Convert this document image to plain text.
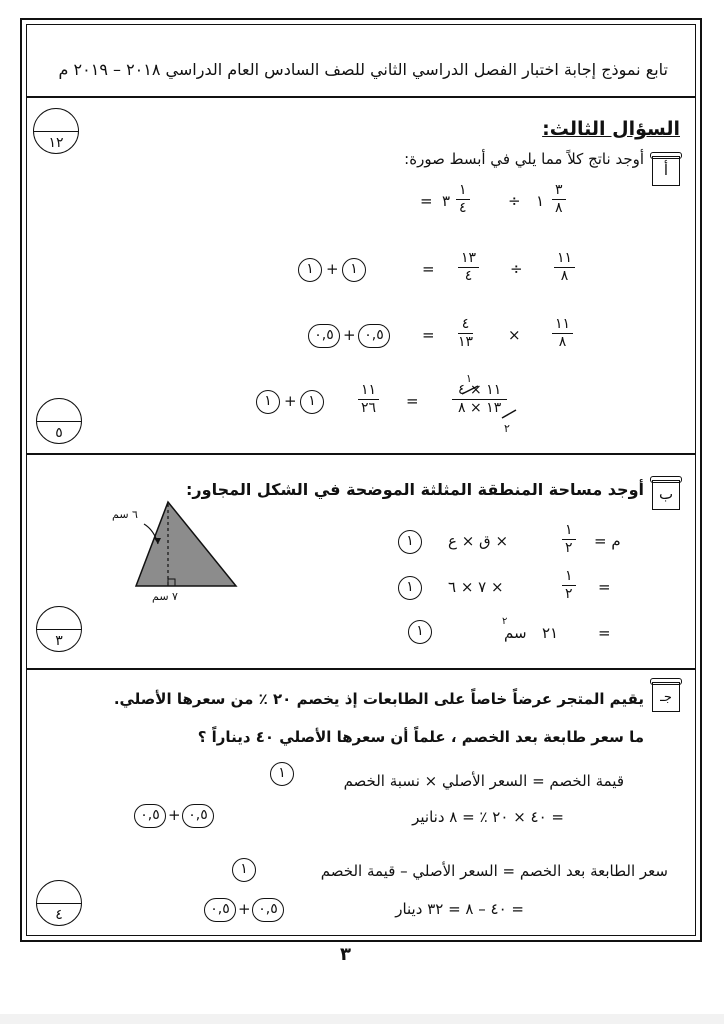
تابع نموذج إجابة اختبار الفصل الدراسي الثاني للصف السادس العام الدراسي ٢٠١٨ – ٢٠١٩ م
السؤال الثالث:
١٢
أ
أوجد ناتج كلاً مما يلي في أبسط صورة:
= ٣
١
٤	÷ ١
٣
٨
١ + ١	=
١٣
٤	÷
١١
٨
٠,٥ + ٠,٥	=
٤
١٣ ×
١١
٨
١ + ١
١١
٢٦ =
١١ × ٤
١٣ × ٨
١
٢
٥
ب
أوجد مساحة المنطقة المثلثة الموضحة في الشكل المجاور:
٦ سم
٧ سم
١	× ق × ع
١
٢ م =
١	× ٧ × ٦
١
٢ =
١	سم
٢
٢١	=
٣
جـ
يقيم المتجر عرضاً خاصاً على الطابعات إذ يخصم ٢٠ ٪ من سعرها الأصلي.
ما سعر طابعة بعد الخصم ، علماً أن سعرها الأصلي ٤٠ ديناراً ؟
١	قيمة الخصم = السعر الأصلي × نسبة الخصم
٠,٥ + ٠,٥	= ٤٠ × ٢٠ ٪ = ٨ دنانير
١	سعر الطابعة بعد الخصم = السعر الأصلي – قيمة الخصم
٠,٥ + ٠,٥	= ٤٠ – ٨ = ٣٢ دينار
٤
٣
